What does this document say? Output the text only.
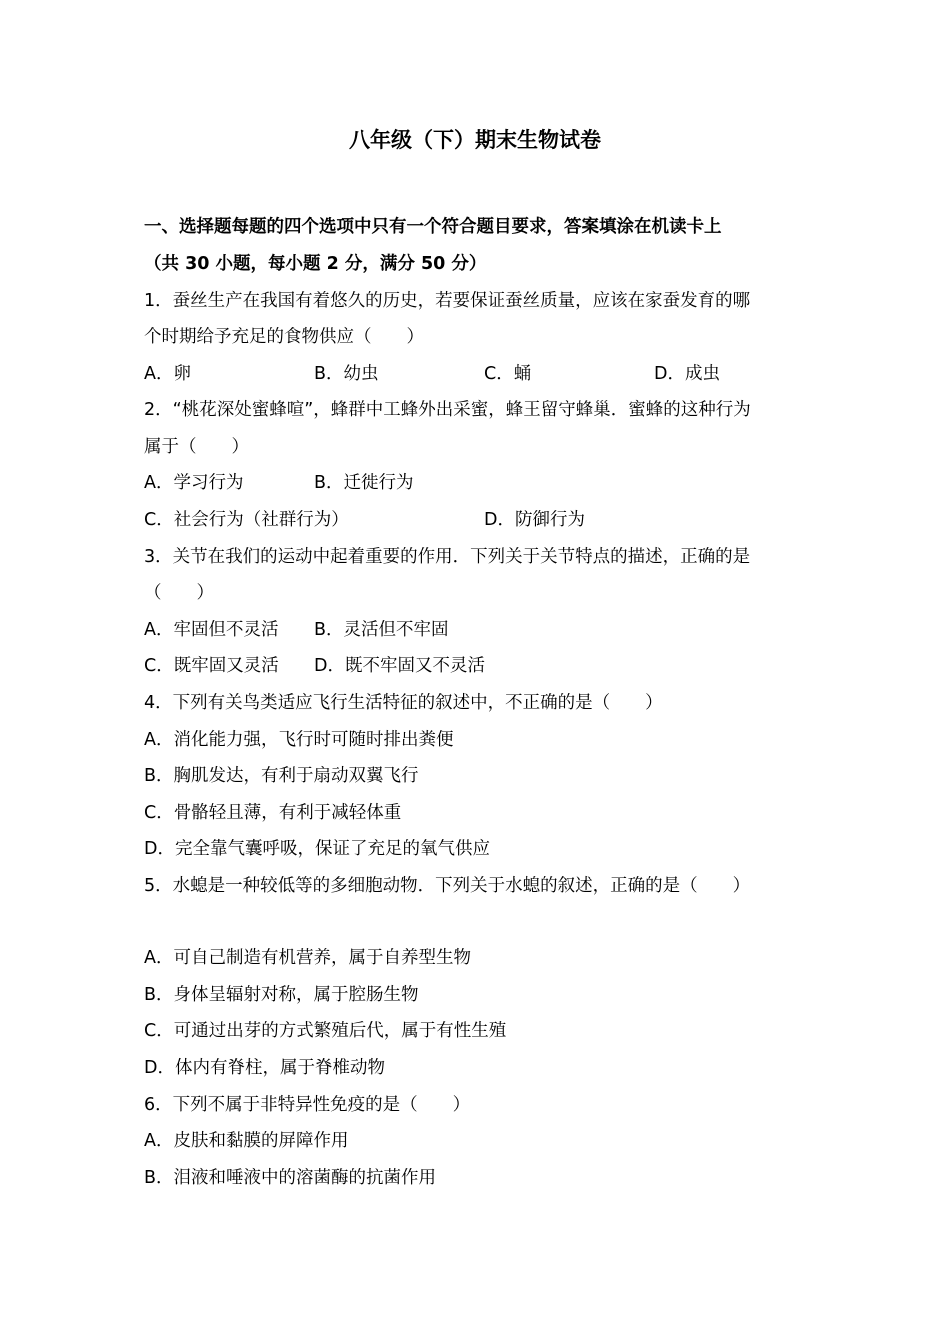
八年级（下）期末生物试卷
一、选择题每题的四个选项中只有一个符合题目要求，答案填涂在机读卡上
（共 30 小题，每小题 2 分，满分 50 分）
1．蚕丝生产在我国有着悠久的历史，若要保证蚕丝质量，应该在家蚕发育的哪
个时期给予充足的食物供应（　　）
A．卵	B．幼虫	C．蛹	D．成虫
2．“桃花深处蜜蜂喧”，蜂群中工蜂外出采蜜，蜂王留守蜂巢．蜜蜂的这种行为
属于（　　）
A．学习行为	B．迁徙行为
C．社会行为（社群行为）	D．防御行为
3．关节在我们的运动中起着重要的作用．下列关于关节特点的描述，正确的是
（　　）
A．牢固但不灵活 B．灵活但不牢固
C．既牢固又灵活 D．既不牢固又不灵活
4．下列有关鸟类适应飞行生活特征的叙述中，不正确的是（　　）
A．消化能力强，飞行时可随时排出粪便
B．胸肌发达，有利于扇动双翼飞行
C．骨骼轻且薄，有利于减轻体重
D．完全靠气囊呼吸，保证了充足的氧气供应
5．水螅是一种较低等的多细胞动物．下列关于水螅的叙述，正确的是（　　）
A．可自己制造有机营养，属于自养型生物
B．身体呈辐射对称，属于腔肠生物
C．可通过出芽的方式繁殖后代，属于有性生殖
D．体内有脊柱，属于脊椎动物
6．下列不属于非特异性免疫的是（　　）
A．皮肤和黏膜的屏障作用
B．泪液和唾液中的溶菌酶的抗菌作用
